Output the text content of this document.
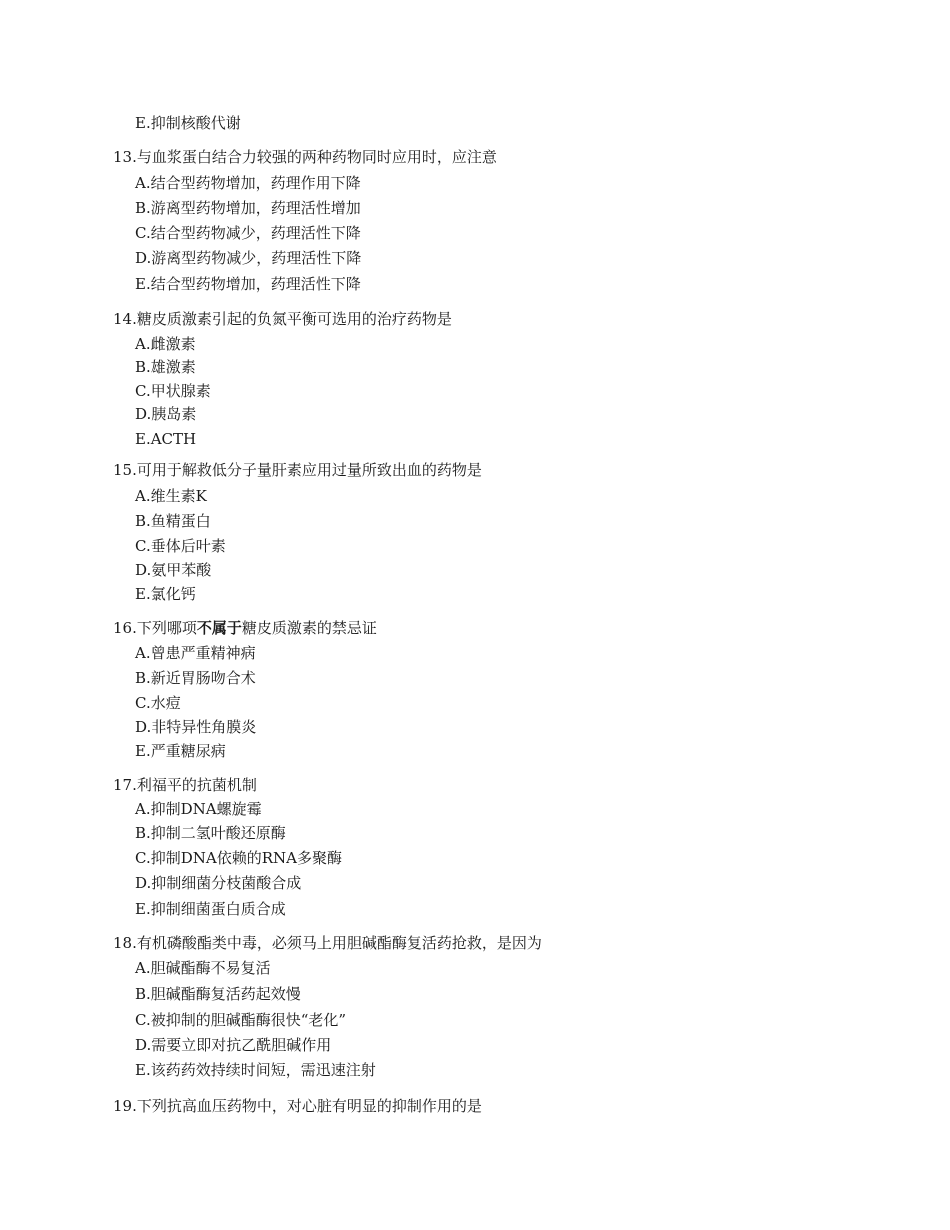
E.抑制核酸代谢
13.与血浆蛋白结合力较强的两种药物同时应用时，应注意
A.结合型药物增加，药理作用下降
B.游离型药物增加，药理活性增加
C.结合型药物减少，药理活性下降
D.游离型药物减少，药理活性下降
E.结合型药物增加，药理活性下降
14.糖皮质激素引起的负氮平衡可选用的治疗药物是
A.雌激素
B.雄激素
C.甲状腺素
D.胰岛素
E.ACTH
15.可用于解救低分子量肝素应用过量所致出血的药物是
A.维生素K
B.鱼精蛋白
C.垂体后叶素
D.氨甲苯酸
E.氯化钙
16.下列哪项不属于糖皮质激素的禁忌证
A.曾患严重精神病
B.新近胃肠吻合术
C.水痘
D.非特异性角膜炎
E.严重糖尿病
17.利福平的抗菌机制
A.抑制DNA螺旋霉
B.抑制二氢叶酸还原酶
C.抑制DNA依赖的RNA多聚酶
D.抑制细菌分枝菌酸合成
E.抑制细菌蛋白质合成
18.有机磷酸酯类中毒，必须马上用胆碱酯酶复活药抢救，是因为
A.胆碱酯酶不易复活
B.胆碱酯酶复活药起效慢
C.被抑制的胆碱酯酶很快“老化”
D.需要立即对抗乙酰胆碱作用
E.该药药效持续时间短，需迅速注射
19.下列抗高血压药物中，对心脏有明显的抑制作用的是
